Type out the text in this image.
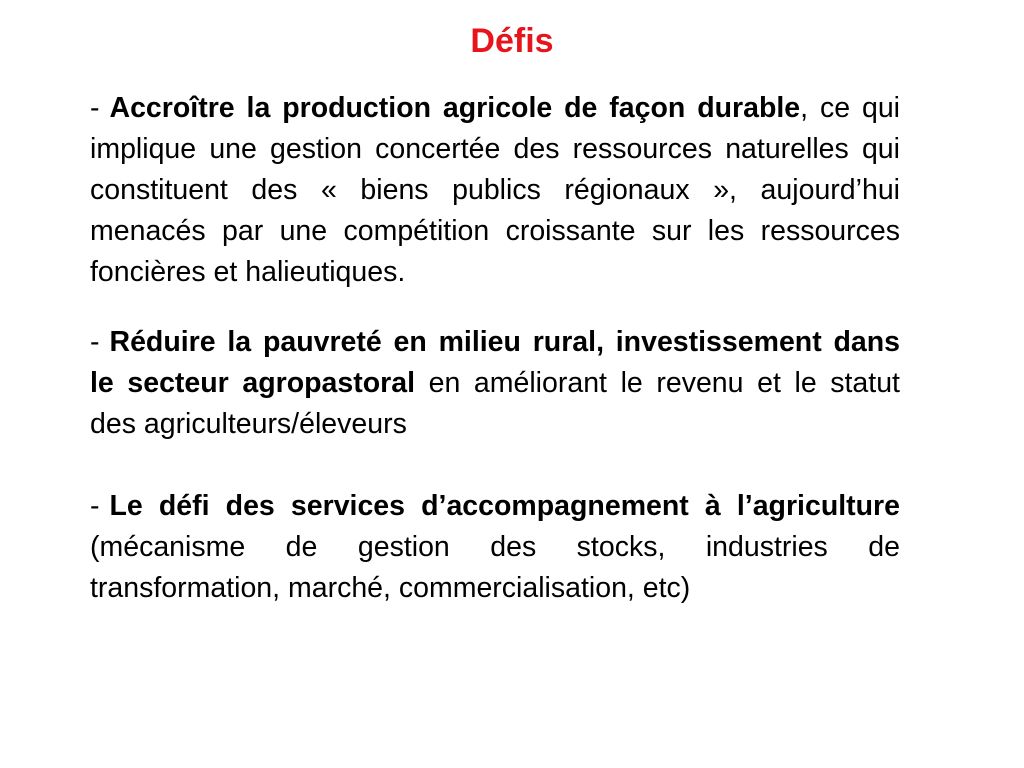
Défis

- Accroître la production agricole de façon durable, ce qui implique une gestion concertée des ressources naturelles qui constituent des « biens publics régionaux », aujourd’hui menacés par une compétition croissante sur les ressources foncières et halieutiques.

- Réduire la pauvreté en milieu rural, investissement dans le secteur agropastoral en améliorant le revenu et le statut des agriculteurs/éleveurs

- Le défi des services d’accompagnement à l’agriculture (mécanisme de gestion des stocks, industries de transformation, marché, commercialisation, etc)
